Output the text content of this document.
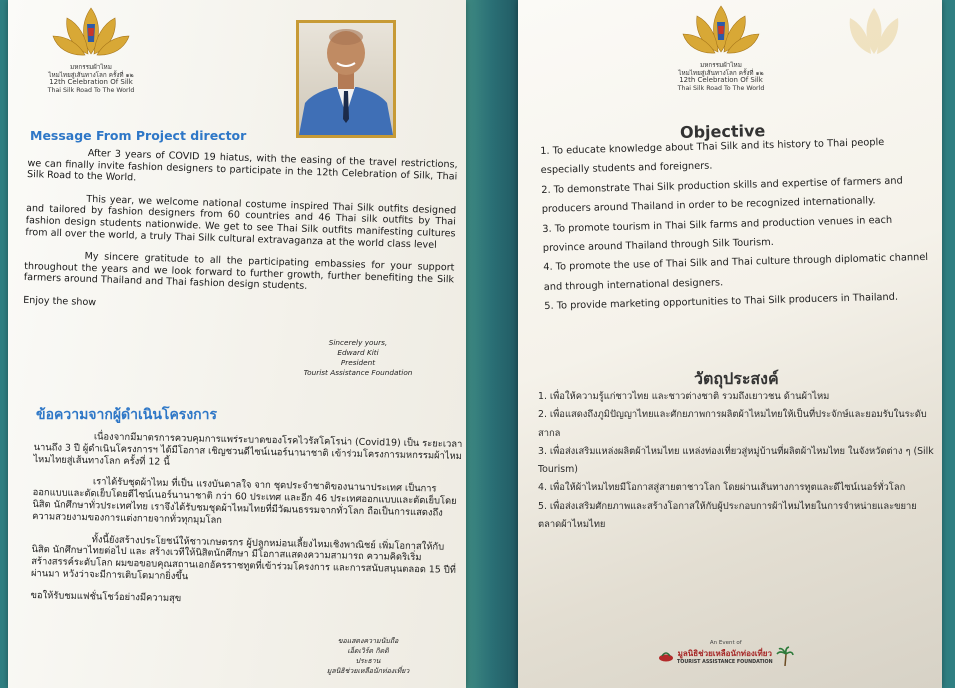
มหกรรมผ้าไหม
ไหมไทยสู่เส้นทางโลก ครั้งที่ ๑๒
12th Celebration Of Silk
Thai Silk Road To The World
Message From Project director

After 3 years of COVID 19 hiatus, with the easing of the travel restrictions, we can finally invite fashion designers to participate in the 12th Celebration of Silk, Thai Silk Road to the World.

This year, we welcome national costume inspired Thai Silk outfits designed and tailored by fashion designers from 60 countries and 46 Thai silk outfits by Thai fashion design students nationwide. We get to see Thai Silk outfits manifesting cultures from all over the world, a truly Thai Silk cultural extravaganza at the world class level

My sincere gratitude to all the participating embassies for your support throughout the years and we look forward to further growth, further benefiting the Silk farmers around Thailand and Thai fashion design students.

Enjoy the show

Sincerely yours,
Edward Kiti
President
Tourist Assistance Foundation
ข้อความจากผู้ดำเนินโครงการ

เนื่องจากมีมาตรการควบคุมการแพร่ระบาดของโรคไวรัสโคโรน่า (Covid19) เป็น ระยะเวลานานถึง 3 ปี ผู้ดำเนินโครงการฯ ได้มีโอกาส เชิญชวนดีไซน์เนอร์นานาชาติ เข้าร่วมโครงการมหกรรมผ้าไหม ไหมไทยสู่เส้นทางโลก ครั้งที่ 12 นี้

เราได้รับชุดผ้าไหม ที่เป็น แรงบันดาลใจ จาก ชุดประจำชาติของนานาประเทศ เป็นการออกแบบและตัดเย็บโดยดีไซน์เนอร์นานาชาติ กว่า 60 ประเทศ และอีก 46 ประเทศออกแบบและตัดเย็บโดยนิสิต นักศึกษาทั่วประเทศไทย เราจึงได้รับชมชุดผ้าไหมไทยที่มีวัฒนธรรมจากทั่วโลก ถือเป็นการแสดงถึงความสวยงามของการแต่งกายจากทั่วทุกมุมโลก

ทั้งนี้ยังสร้างประโยชน์ให้ชาวเกษตรกร ผู้ปลูกหม่อนเลี้ยงไหมเชิงพาณิชย์ เพิ่มโอกาสให้กับนิสิต นักศึกษาไทยต่อไป และ สร้างเวทีให้นิสิตนักศึกษา มีโอกาสแสดงความสามารถ ความคิดริเริ่มสร้างสรรค์ระดับโลก ผมขอขอบคุณสถานเอกอัครราชทูตที่เข้าร่วมโครงการ และการสนับสนุนตลอด 15 ปีที่ผ่านมา หวังว่าจะมีการเติบโตมากยิ่งขึ้น

ขอให้รับชมแฟชั่นโชว์อย่างมีความสุข

ขอแสดงความนับถือ
เอ็ดเวิร์ด กิตติ
ประธาน
มูลนิธิช่วยเหลือนักท่องเที่ยว
มหกรรมผ้าไหม
ไหมไทยสู่เส้นทางโลก ครั้งที่ ๑๒
12th Celebration Of Silk
Thai Silk Road To The World
Objective
1. To educate knowledge about Thai Silk and its history to Thai people especially students and foreigners.
2. To demonstrate Thai Silk production skills and expertise of farmers and producers around Thailand in order to be recognized internationally.
3. To promote tourism in Thai Silk farms and production venues in each province around Thailand through Silk Tourism.
4. To promote the use of Thai Silk and Thai culture through diplomatic channel and through international designers.
5. To provide marketing opportunities to Thai Silk producers in Thailand.
วัตถุประสงค์
1. เพื่อให้ความรู้แก่ชาวไทย และชาวต่างชาติ รวมถึงเยาวชน ด้านผ้าไหม
2. เพื่อแสดงถึงภูมิปัญญาไทยและศักยภาพการผลิตผ้าไหมไทยให้เป็นที่ประจักษ์และยอมรับในระดับสากล
3. เพื่อส่งเสริมแหล่งผลิตผ้าไหมไทย แหล่งท่องเที่ยวสู่หมู่บ้านที่ผลิตผ้าไหมไทย ในจังหวัดต่าง ๆ (Silk Tourism)
4. เพื่อให้ผ้าไหมไทยมีโอกาสสู่สายตาชาวโลก โดยผ่านเส้นทางการทูตและดีไซน์เนอร์ทั่วโลก
5. เพื่อส่งเสริมศักยภาพและสร้างโอกาสให้กับผู้ประกอบการผ้าไหมไทยในการจำหน่ายและขยายตลาดผ้าไหมไทย
An Event of
มูลนิธิช่วยเหลือนักท่องเที่ยว
TOURIST ASSISTANCE FOUNDATION
